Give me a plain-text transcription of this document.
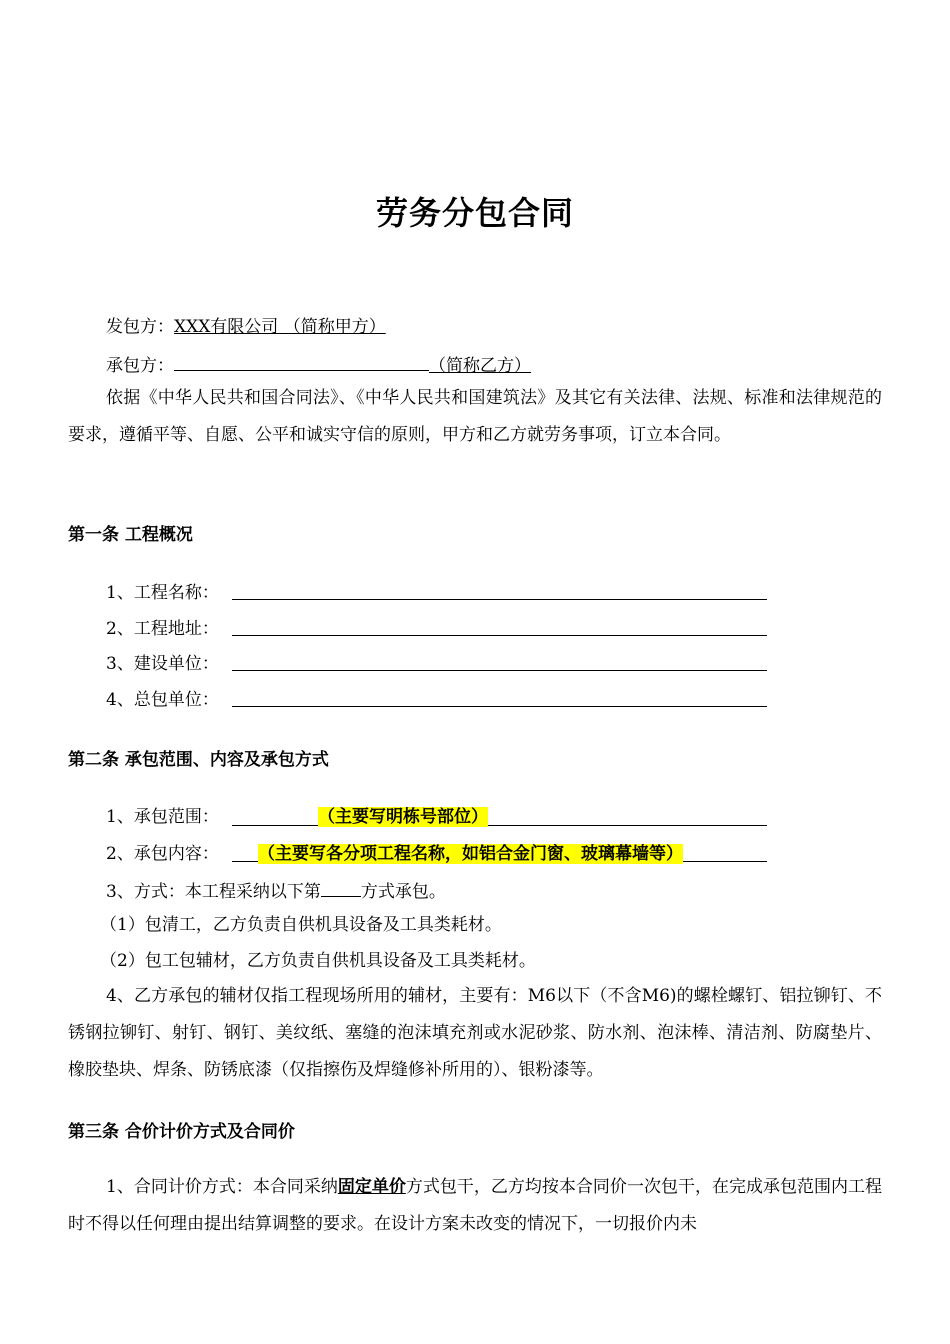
劳务分包合同
发包方：XXX有限公司 （简称甲方）
承包方：	（简称乙方）
依据《中华人民共和国合同法》、《中华人民共和国建筑法》及其它有关法律、法规、标准和法律规范的要求，遵循平等、自愿、公平和诚实守信的原则，甲方和乙方就劳务事项，订立本合同。
第一条 工程概况
1、工程名称：
2、工程地址：
3、建设单位：
4、总包单位：
第二条 承包范围、内容及承包方式
1、承包范围：	（主要写明栋号部位）
2、承包内容： （主要写各分项工程名称，如铝合金门窗、玻璃幕墙等）
3、方式：本工程采纳以下第 方式承包。
（1）包清工，乙方负责自供机具设备及工具类耗材。
（2）包工包辅材，乙方负责自供机具设备及工具类耗材。
4、乙方承包的辅材仅指工程现场所用的辅材，主要有：M6以下（不含M6)的螺栓螺钉、铝拉铆钉、不锈钢拉铆钉、射钉、钢钉、美纹纸、塞缝的泡沫填充剂或水泥砂浆、防水剂、泡沫棒、清洁剂、防腐垫片、橡胶垫块、焊条、防锈底漆（仅指擦伤及焊缝修补所用的）、银粉漆等。
第三条 合价计价方式及合同价
1、合同计价方式：本合同采纳固定单价方式包干，乙方均按本合同价一次包干，在完成承包范围内工程时不得以任何理由提出结算调整的要求。在设计方案未改变的情况下，一切报价内未
